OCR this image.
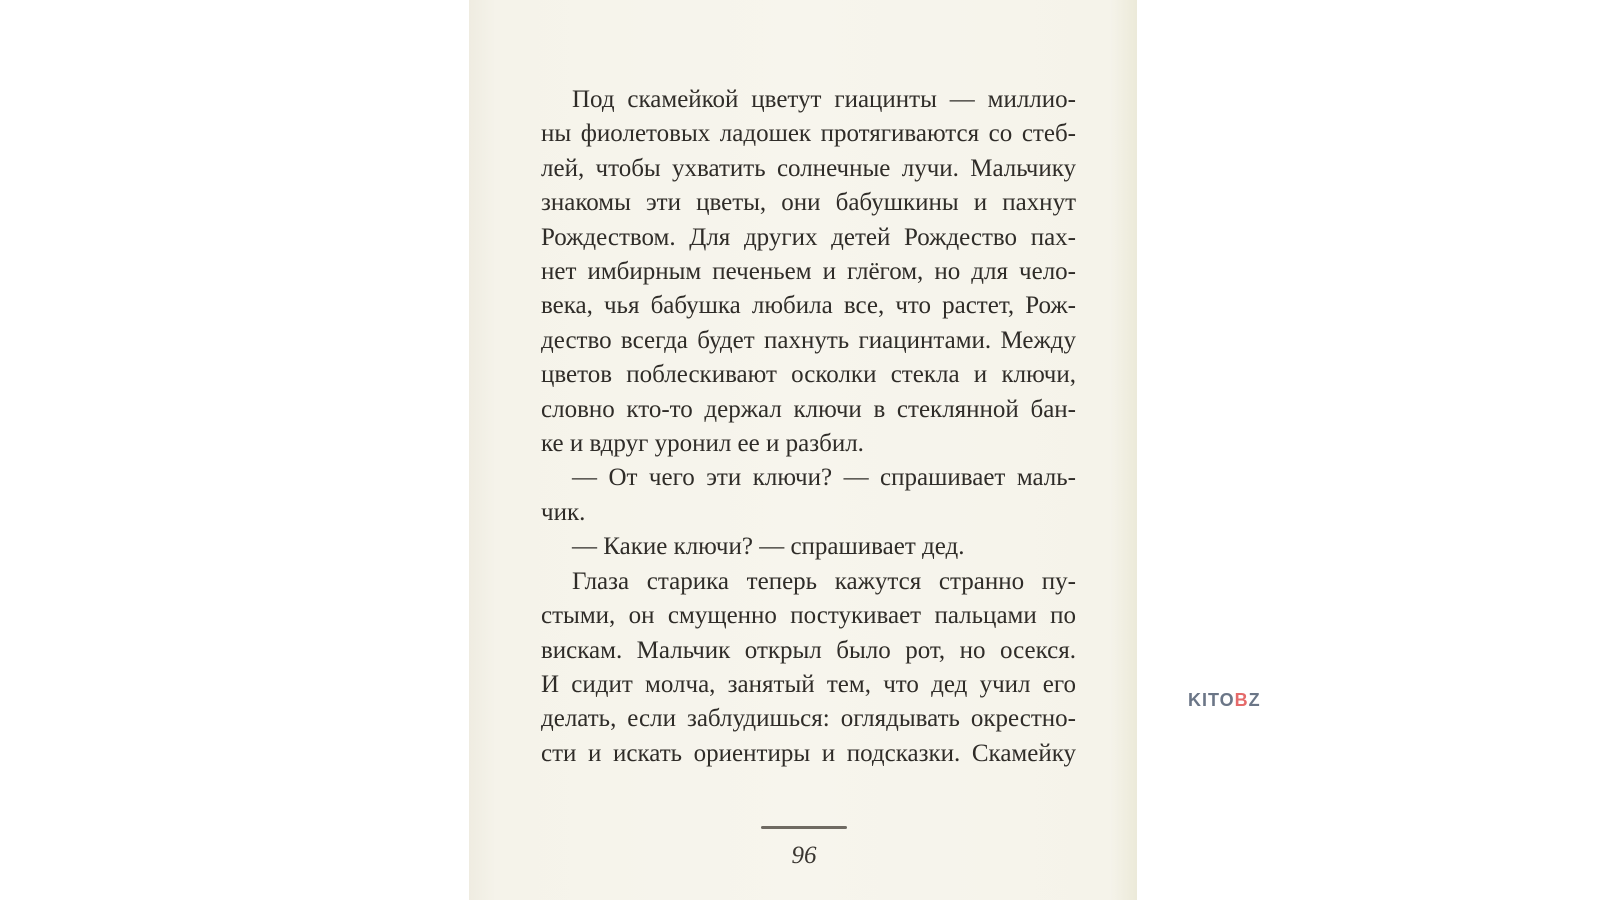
Под скамейкой цветут гиацинты — миллио-
ны фиолетовых ладошек протягиваются со стеб-
лей, чтобы ухватить солнечные лучи. Мальчику
знакомы эти цветы, они бабушкины и пахнут
Рождеством. Для других детей Рождество пах-
нет имбирным печеньем и глёгом, но для чело-
века, чья бабушка любила все, что растет, Рож-
дество всегда будет пахнуть гиацинтами. Между
цветов поблескивают осколки стекла и ключи,
словно кто-то держал ключи в стеклянной бан-
ке и вдруг уронил ее и разбил.
— От чего эти ключи? — спрашивает маль-
чик.
— Какие ключи? — спрашивает дед.
Глаза старика теперь кажутся странно пу-
стыми, он смущенно постукивает пальцами по
вискам. Мальчик открыл было рот, но осекся.
И сидит молча, занятый тем, что дед учил его
делать, если заблудишься: оглядывать окрестно-
сти и искать ориентиры и подсказки. Скамейку
96
KITOBZ
